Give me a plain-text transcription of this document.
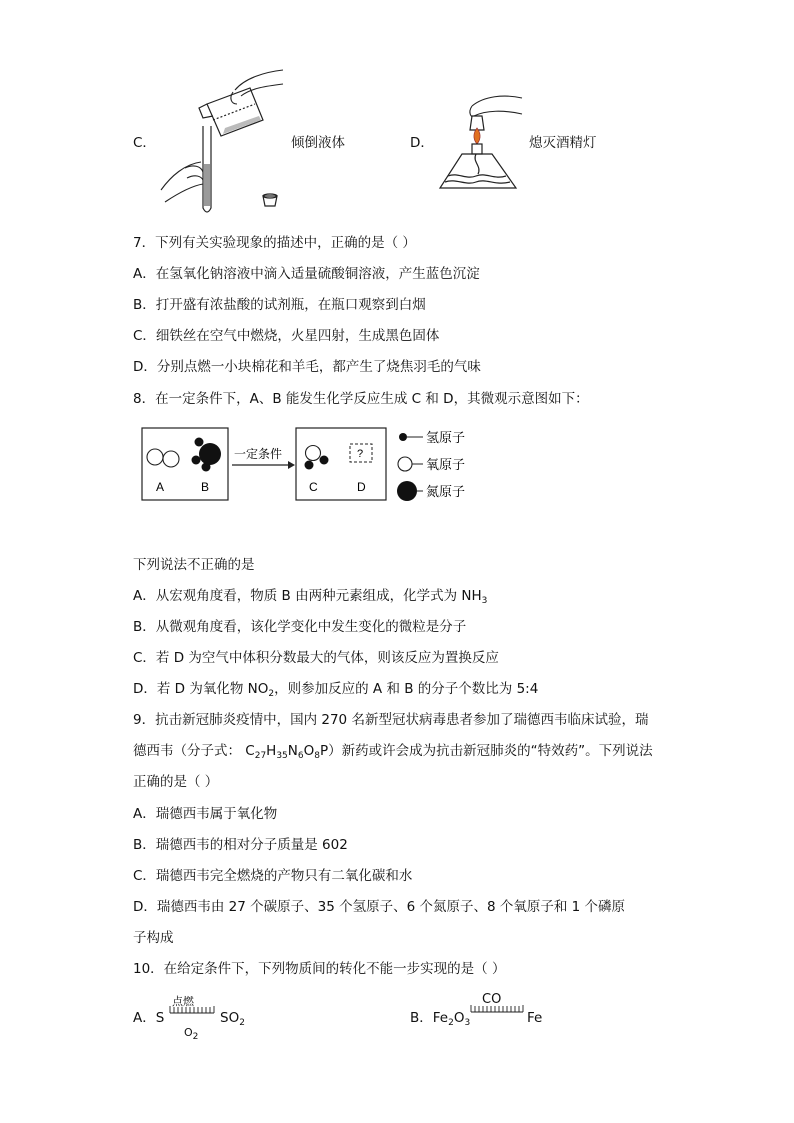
C．	倾倒液体	D．	熄灭酒精灯
7．下列有关实验现象的描述中，正确的是（ ）
A．在氢氧化钠溶液中滴入适量硫酸铜溶液，产生蓝色沉淀
B．打开盛有浓盐酸的试剂瓶，在瓶口观察到白烟
C．细铁丝在空气中燃烧，火星四射，生成黑色固体
D．分别点燃一小块棉花和羊毛，都产生了烧焦羽毛的气味
8．在一定条件下，A、B 能发生化学反应生成 C 和 D，其微观示意图如下：
A	B
一定条件	?
C	D
氢原子
氧原子
氮原子
下列说法不正确的是
A．从宏观角度看，物质 B 由两种元素组成，化学式为 $NH_3$
B．从微观角度看，该化学变化中发生变化的微粒是分子
C．若 D 为空气中体积分数最大的气体，则该反应为置换反应
D．若 D 为氧化物 $NO_2$，则参加反应的 A 和 B 的分子个数比为 5:4
9．抗击新冠肺炎疫情中，国内 270 名新型冠状病毒患者参加了瑞德西韦临床试验，瑞
德西韦（分子式： $C_{27}H_{35}N_6O_8P$）新药或许会成为抗击新冠肺炎的“特效药”。下列说法
正确的是（ ）
A．瑞德西韦属于氧化物
B．瑞德西韦的相对分子质量是 602
C．瑞德西韦完全燃烧的产物只有二氧化碳和水
D．瑞德西韦由 27 个碳原子、35 个氢原子、6 个氮原子、8 个氧原子和 1 个磷原
子构成
10．在给定条件下，下列物质间的转化不能一步实现的是（ ）
A．S
点燃
$O_2$
$SO_2$	B．$Fe_2O_3$
CO
Fe
